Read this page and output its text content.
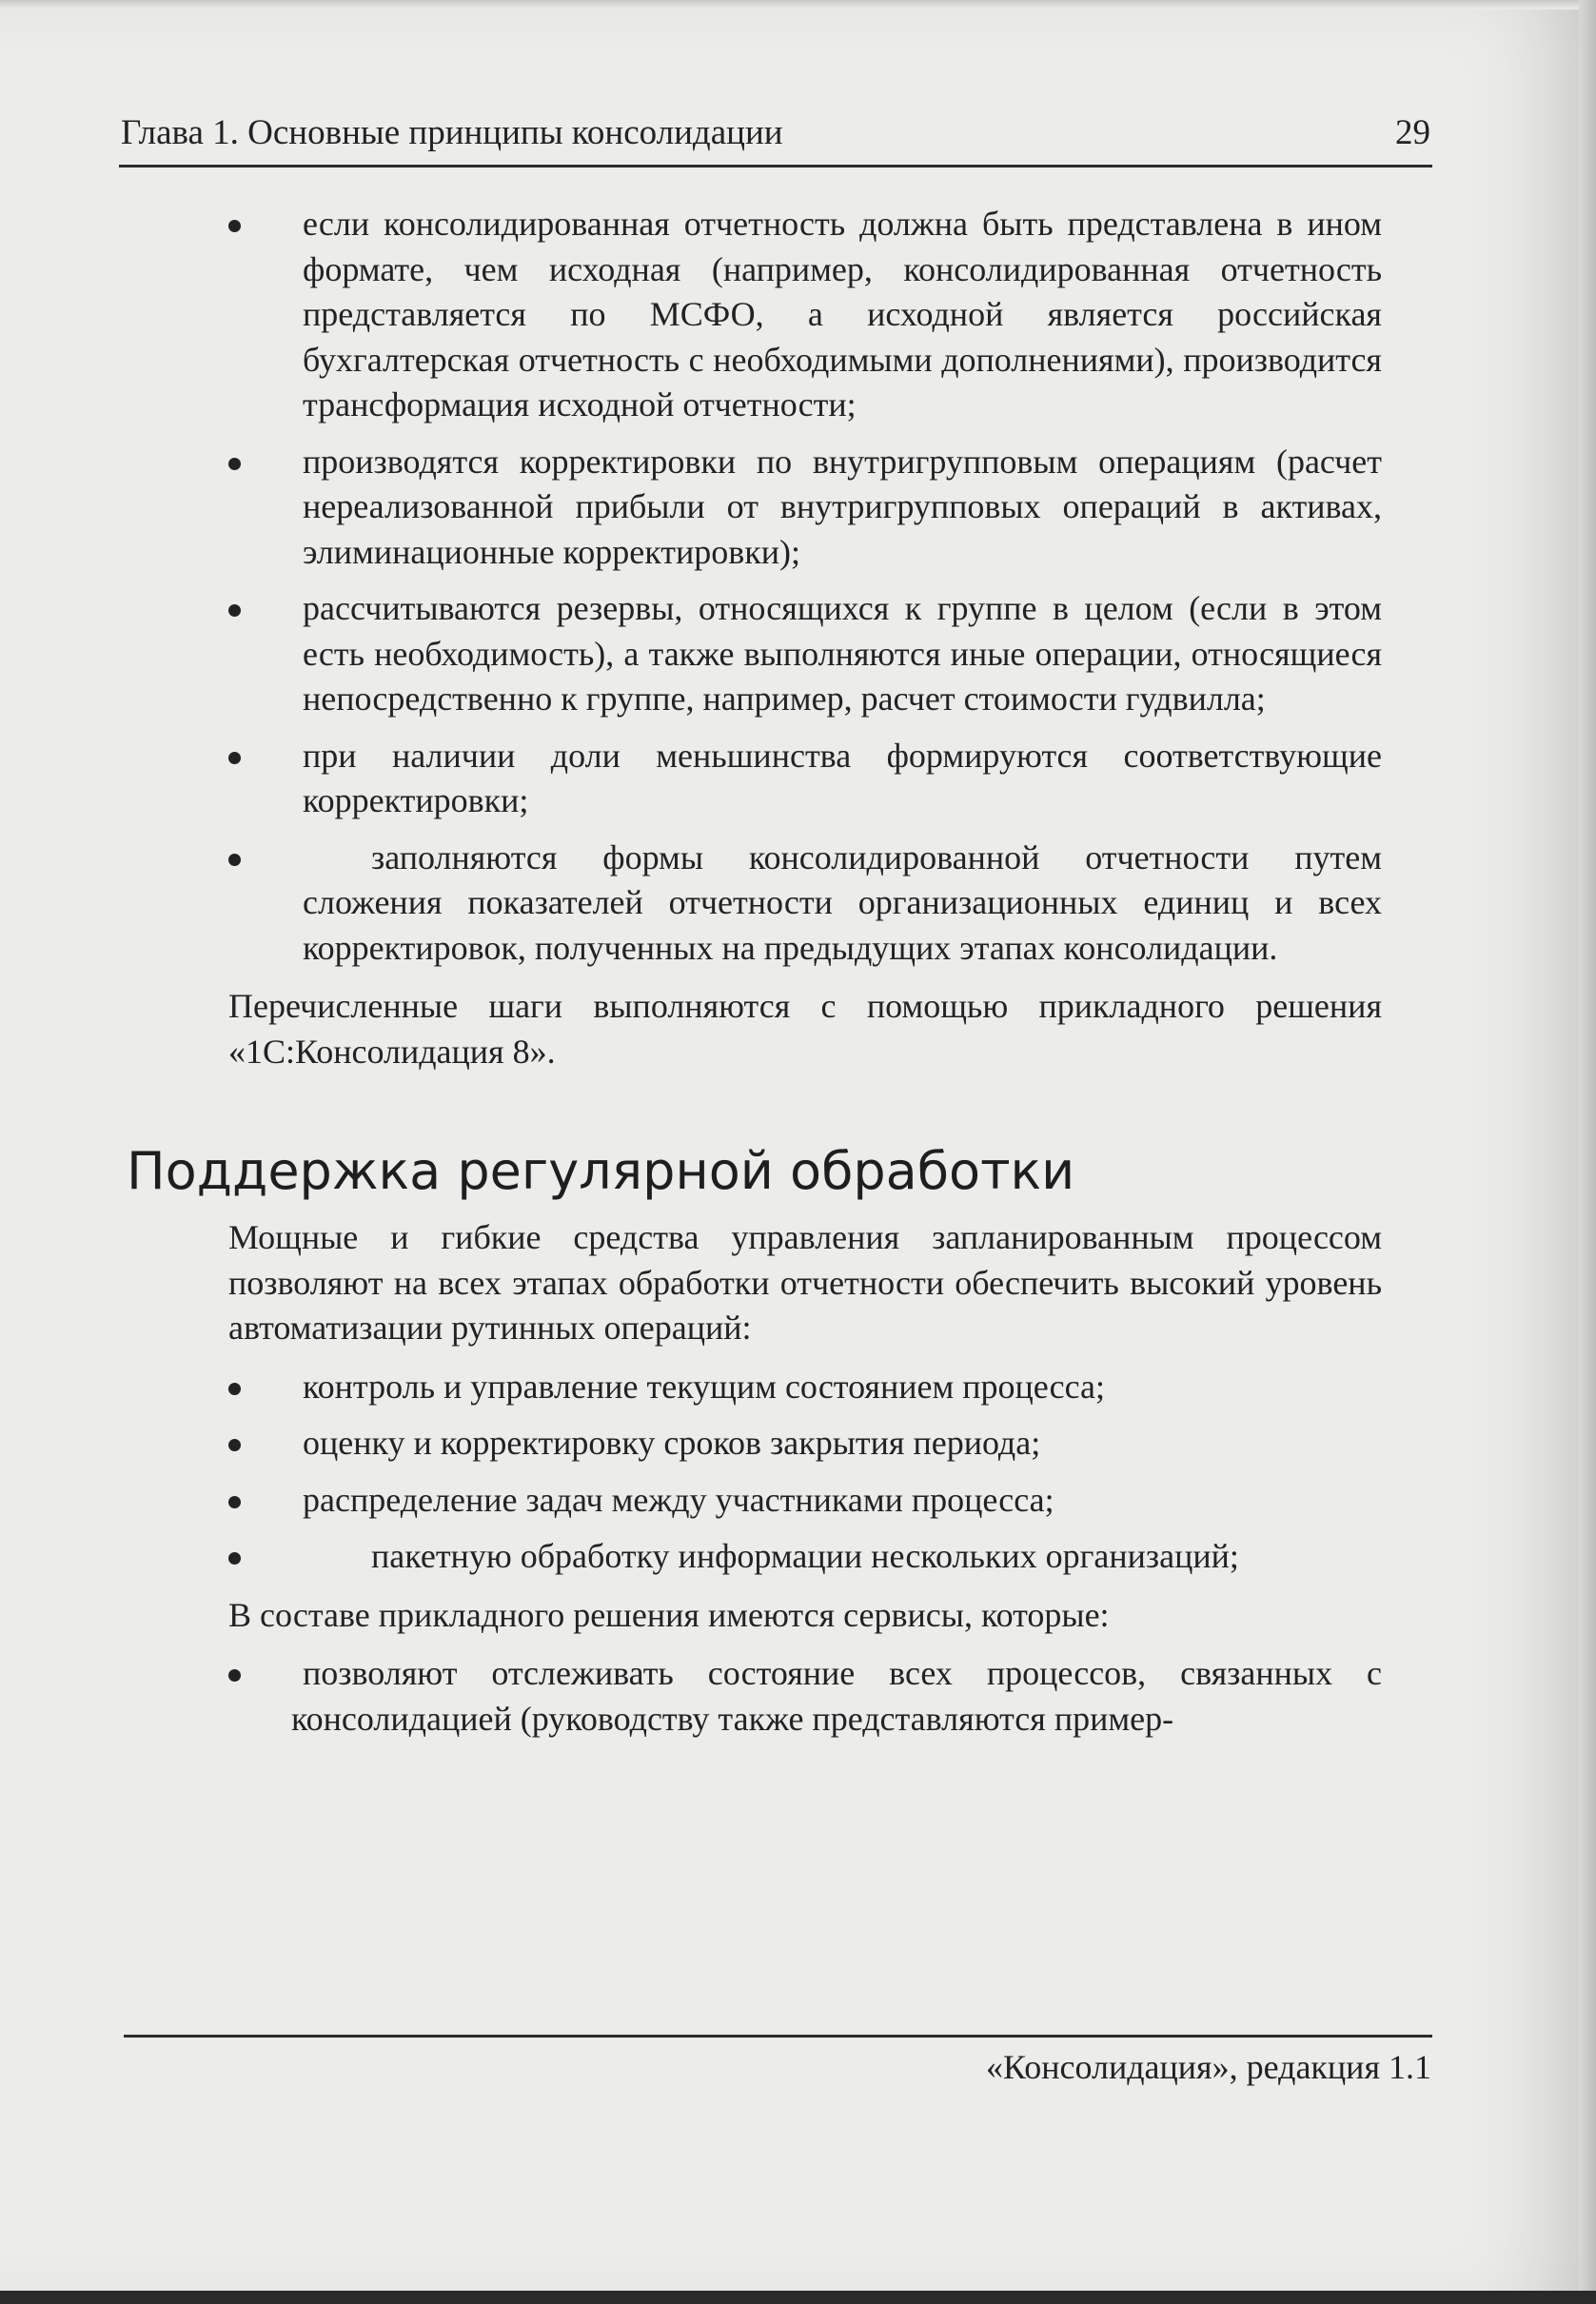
Глава 1. Основные принципы консолидации	29
если консолидированная отчетность должна быть представлена в ином формате, чем исходная (например, консолидированная отчетность представляется по МСФО, а исходной является российская бухгалтерская отчетность с необходимыми дополнениями), производится трансформация исходной отчетности;
производятся корректировки по внутригрупповым операциям (расчет нереализованной прибыли от внутригрупповых операций в активах, элиминационные корректировки);
рассчитываются резервы, относящихся к группе в целом (если в этом есть необходимость), а также выполняются иные операции, относящиеся непосредственно к группе, например, расчет стоимости гудвилла;
при наличии доли меньшинства формируются соответствующие корректировки;
заполняются формы консолидированной отчетности путем сложения показателей отчетности организационных единиц и всех корректировок, полученных на предыдущих этапах консолидации.

Перечисленные шаги выполняются с помощью прикладного решения «1С:Консолидация 8».

Поддержка регулярной обработки

Мощные и гибкие средства управления запланированным процессом позволяют на всех этапах обработки отчетности обеспечить высокий уровень автоматизации рутинных операций:

контроль и управление текущим состоянием процесса;
оценку и корректировку сроков закрытия периода;
распределение задач между участниками процесса;
пакетную обработку информации нескольких организаций;

В составе прикладного решения имеются сервисы, которые:

позволяют отслеживать состояние всех процессов, связанных с консолидацией (руководству также представляются пример-
«Консолидация», редакция 1.1
